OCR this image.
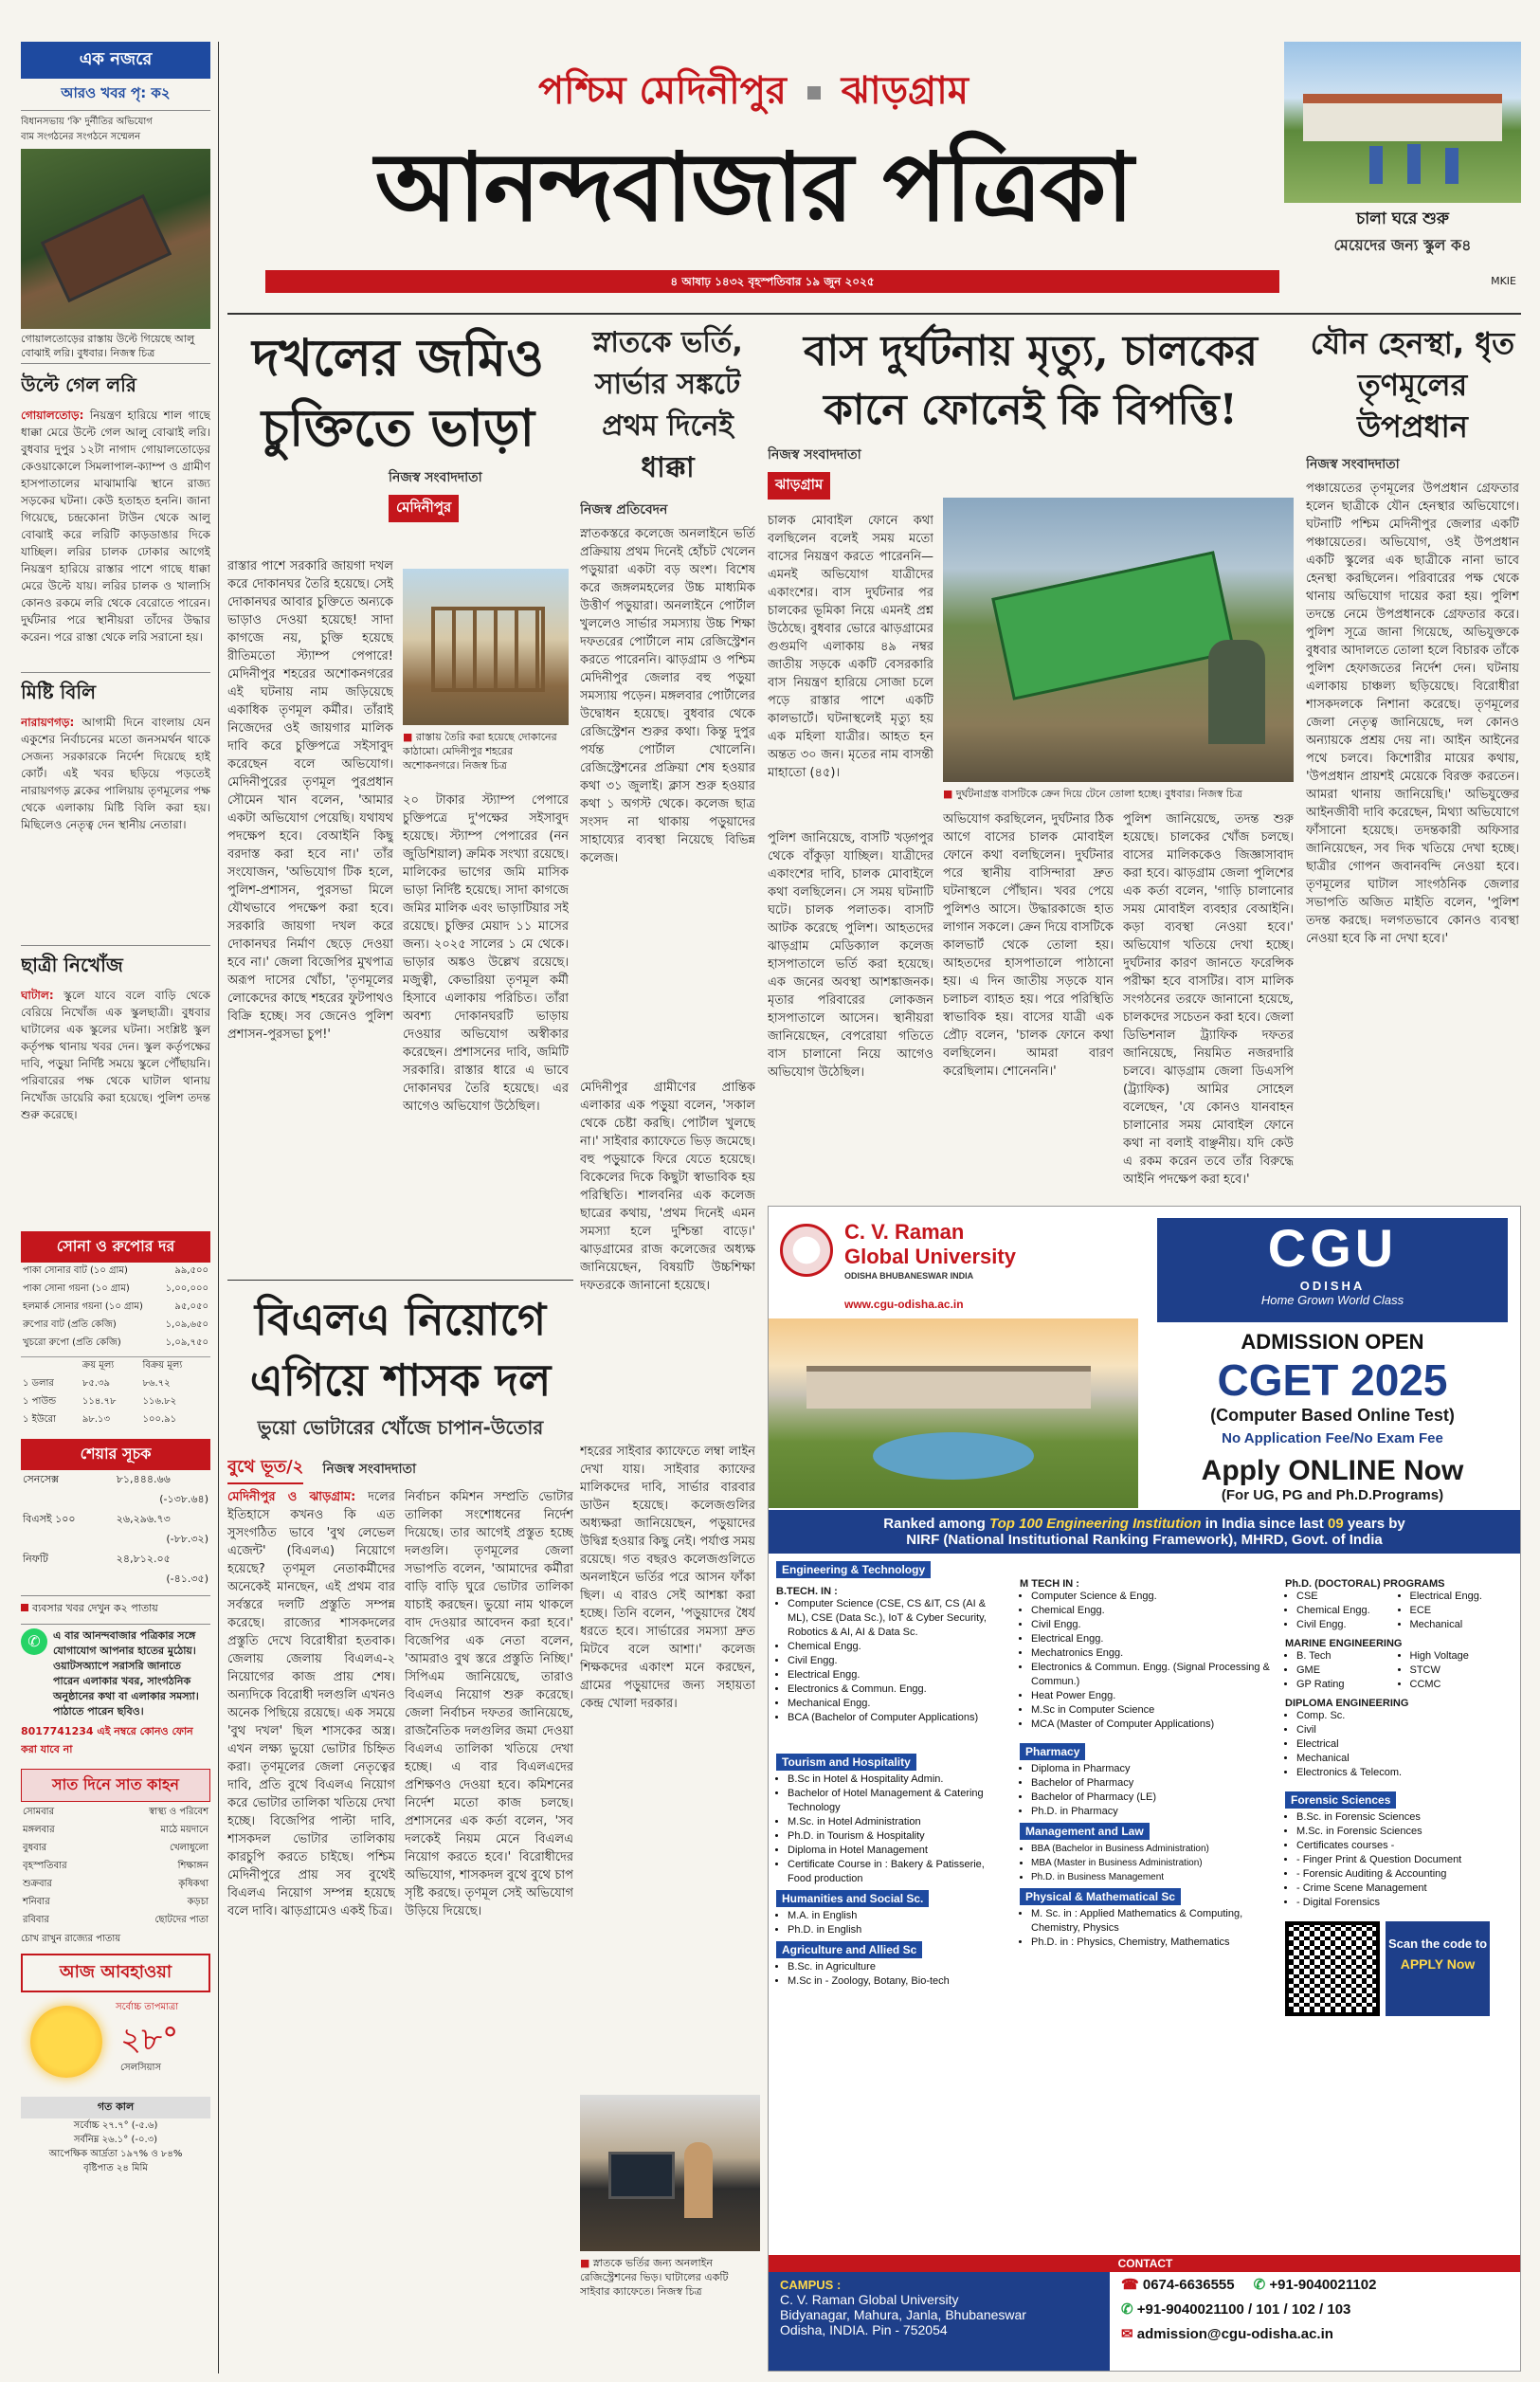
এক নজরে
আরও খবর পৃ: ক২
বিধানসভায় 'কি' দুর্নীতির অভিযোগ
বাম সংগঠনের সংগঠনে সম্মেলন
গোয়ালতোড়ের রাস্তায় উল্টে গিয়েছে আলু বোঝাই লরি। বুধবার। নিজস্ব চিত্র
উল্টে গেল লরি

গোয়ালতোড়: নিয়ন্ত্রণ হারিয়ে শাল গাছে ধাক্কা মেরে উল্টে গেল আলু বোঝাই লরি। বুধবার দুপুর ১২টা নাগাদ গোয়ালতোড়ের কেওয়াকোলে সিমলাপাল-ক্যাম্প ও গ্রামীণ হাসপাতালের মাঝামাঝি স্থানে রাজ্য সড়কের ঘটনা। কেউ হতাহত হননি। জানা গিয়েছে, চন্দ্রকোনা টাউন থেকে আলু বোঝাই করে লরিটি কাড়ডাঙার দিকে যাচ্ছিল। লরির চালক ঢোকার আগেই নিয়ন্ত্রণ হারিয়ে রাস্তার পাশে গাছে ধাক্কা মেরে উল্টে যায়। লরির চালক ও খালাসি কোনও রকমে লরি থেকে বেরোতে পারেন। দুর্ঘটনার পরে স্থানীয়রা তাঁদের উদ্ধার করেন। পরে রাস্তা থেকে লরি সরানো হয়।

মিষ্টি বিলি

নারায়ণগড়: আগামী দিনে বাংলায় যেন একুশের নির্বাচনের মতো জনসমর্থন থাকে সেজন্য সরকারকে নির্দেশ দিয়েছে হাই কোর্ট। এই খবর ছড়িয়ে পড়তেই নারায়ণগড় ব্লকের পালিয়ায় তৃণমূলের পক্ষ থেকে এলাকায় মিষ্টি বিলি করা হয়। মিছিলেও নেতৃত্ব দেন স্থানীয় নেতারা।

ছাত্রী নিখোঁজ

ঘাটাল: স্কুলে যাবে বলে বাড়ি থেকে বেরিয়ে নিখোঁজ এক স্কুলছাত্রী। বুধবার ঘাটালের এক স্কুলের ঘটনা। সংশ্লিষ্ট স্কুল কর্তৃপক্ষ থানায় খবর দেন। স্কুল কর্তৃপক্ষের দাবি, পড়ুয়া নির্দিষ্ট সময়ে স্কুলে পৌঁছায়নি। পরিবারের পক্ষ থেকে ঘাটাল থানায় নিখোঁজ ডায়েরি করা হয়েছে। পুলিশ তদন্ত শুরু করেছে।

সোনা ও রুপোর দর
পাকা সোনার বাট (১০ গ্রাম)	৯৯,৫০০
পাকা সোনা গয়না (১০ গ্রাম)	১,০০,০০০
হলমার্ক সোনার গয়না (১০ গ্রাম)	৯৫,০৫০
রুপোর বাট (প্রতি কেজি)	১,০৯,৬৫০
খুচরো রুপো (প্রতি কেজি)	১,০৯,৭৫০
	ক্রয় মূল্য	বিক্রয় মূল্য
১ ডলার	৮৫.৩৯	৮৬.৭২
১ পাউন্ড	১১৪.৭৮	১১৬.৮২
১ ইউরো	৯৮.১৩	১০০.৯১
শেয়ার সূচক
সেনসেক্স	৮১,৪৪৪.৬৬
	(-১৩৮.৬৪)
বিএসই ১০০	২৬,২৯৬.৭৩
	(-৮৮.৩২)
নিফটি	২৪,৮১২.০৫
	(-৪১.৩৫)
ব্যবসার খবর দেখুন ক২ পাতায়
✆	এ বার আনন্দবাজার পত্রিকার সঙ্গে যোগাযোগ আপনার হাতের মুঠোয়। ওয়াটসঅ্যাপে সরাসরি জানাতে পারেন এলাকার খবর, সাংগঠনিক অনুষ্ঠানের কথা বা এলাকার সমস্যা। পাঠাতে পারেন ছবিও।
8017741234 এই নম্বরে কোনও ফোন করা যাবে না
সাত দিনে সাত কাহন
সোমবার	স্বাস্থ্য ও পরিবেশ
মঙ্গলবার	মাঠে ময়দানে
বুধবার	খেলাধুলো
বৃহস্পতিবার	শিক্ষাঙ্গন
শুক্রবার	কৃষিকথা
শনিবার	কড়চা
রবিবার	ছোটদের পাতা
চোখ রাখুন রাজ্যের পাতায়
আজ আবহাওয়া
সর্বোচ্চ তাপমাত্রা
২৮°
সেলসিয়াস
গত কাল
সর্বোচ্চ ২৭.৭° (-৫.৬)
সর্বনিম্ন ২৬.১° (-০.৩)
আপেক্ষিক আর্দ্রতা ১৯৭% ও ৮৪%
বৃষ্টিপাত ২৪ মিমি
পশ্চিম মেদিনীপুর ঝাড়গ্রাম
আনন্দবাজার পত্রিকা
৪ আষাঢ় ১৪৩২ বৃহস্পতিবার ১৯ জুন ২০২৫	MKIE
চালা ঘরে শুরু
মেয়েদের জন্য স্কুল ক৪
দখলের জমিও চুক্তিতে ভাড়া
নিজস্ব সংবাদদাতা
মেদিনীপুর

রাস্তার পাশে সরকারি জায়গা দখল করে দোকানঘর তৈরি হয়েছে। সেই দোকানঘর আবার চুক্তিতে অন্যকে ভাড়াও দেওয়া হয়েছে! সাদা কাগজে নয়, চুক্তি হয়েছে রীতিমতো স্ট্যাম্প পেপারে! মেদিনীপুর শহরের অশোকনগরের এই ঘটনায় নাম জড়িয়েছে একাধিক তৃণমূল কর্মীর। তাঁরাই নিজেদের ওই জায়গার মালিক দাবি করে চুক্তিপত্রে সইসাবুদ করেছেন বলে অভিযোগ। মেদিনীপুরের তৃণমূল পুরপ্রধান সৌমেন খান বলেন, 'আমার একটা অভিযোগ পেয়েছি। যথাযথ পদক্ষেপ হবে। বেআইনি কিছু বরদাস্ত করা হবে না।' তাঁর সংযোজন, 'অভিযোগ টিক হলে, পুলিশ-প্রশাসন, পুরসভা মিলে যৌথভাবে পদক্ষেপ করা হবে। সরকারি জায়গা দখল করে দোকানঘর নির্মাণ ছেড়ে দেওয়া হবে না।' জেলা বিজেপির মুখপাত্র অরূপ দাসের খোঁচা, 'তৃণমূলের লোকেদের কাছে শহরের ফুটপাথও বিক্রি হচ্ছে। সব জেনেও পুলিশ প্রশাসন-পুরসভা চুপ!'

■ রাস্তায় তৈরি করা হয়েছে দোকানের কাঠামো। মেদিনীপুর শহরের অশোকনগরে। নিজস্ব চিত্র

২০ টাকার স্ট্যাম্প পেপারে চুক্তিপত্রে দু'পক্ষের সইসাবুদ হয়েছে। স্ট্যাম্প পেপারের (নন জুডিশিয়াল) ক্রমিক সংখ্যা রয়েছে। মালিকের ভাগের জমি মাসিক ভাড়া নির্দিষ্ট হয়েছে। সাদা কাগজে জমির মালিক এবং ভাড়াটিয়ার সই রয়েছে। চুক্তির মেয়াদ ১১ মাসের জন্য। ২০২৫ সালের ১ মে থেকে। ভাড়ার অঙ্কও উল্লেখ রয়েছে। মজুত্বী, কেভারিয়া তৃণমূল কর্মী হিসাবে এলাকায় পরিচিত। তাঁরা অবশ্য দোকানঘরটি ভাড়ায় দেওয়ার অভিযোগ অস্বীকার করেছেন। প্রশাসনের দাবি, জমিটি সরকারি। রাস্তার ধারে এ ভাবে দোকানঘর তৈরি হয়েছে। এর আগেও অভিযোগ উঠেছিল।

স্নাতকে ভর্তি, সার্ভার সঙ্কটে প্রথম দিনেই ধাক্কা
নিজস্ব প্রতিবেদন

স্নাতকস্তরে কলেজে অনলাইনে ভর্তি প্রক্রিয়ায় প্রথম দিনেই হোঁচট খেলেন পড়ুয়ারা একটা বড় অংশ। বিশেষ করে জঙ্গলমহলের উচ্চ মাধ্যমিক উত্তীর্ণ পড়ুয়ারা। অনলাইনে পোর্টাল খুললেও সার্ভার সমস্যায় উচ্চ শিক্ষা দফতরের পোর্টালে নাম রেজিস্ট্রেশন করতে পারেননি। ঝাড়গ্রাম ও পশ্চিম মেদিনীপুর জেলার বহু পড়ুয়া সমস্যায় পড়েন। মঙ্গলবার পোর্টালের উদ্বোধন হয়েছে। বুধবার থেকে রেজিস্ট্রেশন শুরুর কথা। কিন্তু দুপুর পর্যন্ত পোর্টাল খোলেনি। রেজিস্ট্রেশনের প্রক্রিয়া শেষ হওয়ার কথা ৩১ জুলাই। ক্লাস শুরু হওয়ার কথা ১ অগস্ট থেকে। কলেজ ছাত্র সংসদ না থাকায় পড়ুয়াদের সাহায্যের ব্যবস্থা নিয়েছে বিভিন্ন কলেজ।

মেদিনীপুর গ্রামীণের প্রান্তিক এলাকার এক পড়ুয়া বলেন, 'সকাল থেকে চেষ্টা করছি। পোর্টাল খুলছে না।' সাইবার ক্যাফেতে ভিড় জমেছে। বহু পড়ুয়াকে ফিরে যেতে হয়েছে। বিকেলের দিকে কিছুটা স্বাভাবিক হয় পরিস্থিতি। শালবনির এক কলেজ ছাত্রের কথায়, 'প্রথম দিনেই এমন সমস্যা হলে দুশ্চিন্তা বাড়ে।' ঝাড়গ্রামের রাজ কলেজের অধ্যক্ষ জানিয়েছেন, বিষয়টি উচ্চশিক্ষা দফতরকে জানানো হয়েছে।

শহরের সাইবার ক্যাফেতে লম্বা লাইন দেখা যায়। সাইবার ক্যাফের মালিকদের দাবি, সার্ভার বারবার ডাউন হয়েছে। কলেজগুলির অধ্যক্ষরা জানিয়েছেন, পড়ুয়াদের উদ্বিগ্ন হওয়ার কিছু নেই। পর্যাপ্ত সময় রয়েছে। গত বছরও কলেজগুলিতে অনলাইনে ভর্তির পরে আসন ফাঁকা ছিল। এ বারও সেই আশঙ্কা করা হচ্ছে। তিনি বলেন, 'পড়ুয়াদের ধৈর্য ধরতে হবে। সার্ভারের সমস্যা দ্রুত মিটবে বলে আশা।' কলেজ শিক্ষকদের একাংশ মনে করছেন, গ্রামের পড়ুয়াদের জন্য সহায়তা কেন্দ্র খোলা দরকার।

বাস দুর্ঘটনায় মৃত্যু, চালকের কানে ফোনেই কি বিপত্তি!
নিজস্ব সংবাদদাতা
ঝাড়গ্রাম

চালক মোবাইল ফোনে কথা বলছিলেন বলেই সময় মতো বাসের নিয়ন্ত্রণ করতে পারেননি—এমনই অভিযোগ যাত্রীদের একাংশের। বাস দুর্ঘটনার পর চালকের ভূমিকা নিয়ে এমনই প্রশ্ন উঠেছে। বুধবার ভোরে ঝাড়গ্রামের গুগুমণি এলাকায় ৪৯ নম্বর জাতীয় সড়কে একটি বেসরকারি বাস নিয়ন্ত্রণ হারিয়ে সোজা চলে পড়ে রাস্তার পাশে একটি কালভার্টে। ঘটনাস্থলেই মৃত্যু হয় এক মহিলা যাত্রীর। আহত হন অন্তত ৩০ জন। মৃতের নাম বাসন্তী মাহাতো (৪৫)।

■ দুর্ঘটনাগ্রস্ত বাসটিকে ক্রেন দিয়ে টেনে তোলা হচ্ছে। বুধবার। নিজস্ব চিত্র

পুলিশ জানিয়েছে, বাসটি খড়্গপুর থেকে বাঁকুড়া যাচ্ছিল। যাত্রীদের একাংশের দাবি, চালক মোবাইলে কথা বলছিলেন। সে সময় ঘটনাটি ঘটে। চালক পলাতক। বাসটি আটক করেছে পুলিশ। আহতদের ঝাড়গ্রাম মেডিক্যাল কলেজ হাসপাতালে ভর্তি করা হয়েছে। এক জনের অবস্থা আশঙ্কাজনক। মৃতার পরিবারের লোকজন হাসপাতালে আসেন। স্থানীয়রা জানিয়েছেন, বেপরোয়া গতিতে বাস চালানো নিয়ে আগেও অভিযোগ উঠেছিল।

অভিযোগ করছিলেন, দুর্ঘটনার ঠিক আগে বাসের চালক মোবাইল ফোনে কথা বলছিলেন। দুর্ঘটনার পরে স্থানীয় বাসিন্দারা দ্রুত ঘটনাস্থলে পৌঁছান। খবর পেয়ে পুলিশও আসে। উদ্ধারকাজে হাত লাগান সকলে। ক্রেন দিয়ে বাসটিকে কালভার্ট থেকে তোলা হয়। আহতদের হাসপাতালে পাঠানো হয়। এ দিন জাতীয় সড়কে যান চলাচল ব্যাহত হয়। পরে পরিস্থিতি স্বাভাবিক হয়। বাসের যাত্রী এক প্রৌঢ় বলেন, 'চালক ফোনে কথা বলছিলেন। আমরা বারণ করেছিলাম। শোনেননি।'

পুলিশ জানিয়েছে, তদন্ত শুরু হয়েছে। চালকের খোঁজ চলছে। বাসের মালিককেও জিজ্ঞাসাবাদ করা হবে। ঝাড়গ্রাম জেলা পুলিশের এক কর্তা বলেন, 'গাড়ি চালানোর সময় মোবাইল ব্যবহার বেআইনি। কড়া ব্যবস্থা নেওয়া হবে।' অভিযোগ খতিয়ে দেখা হচ্ছে। দুর্ঘটনার কারণ জানতে ফরেন্সিক পরীক্ষা হবে বাসটির। বাস মালিক সংগঠনের তরফে জানানো হয়েছে, চালকদের সচেতন করা হবে। জেলা ডিভিশনাল ট্র্যাফিক দফতর জানিয়েছে, নিয়মিত নজরদারি চলবে। ঝাড়গ্রাম জেলা ডিএসপি (ট্র্যাফিক) আমির সোহেল বলেছেন, 'যে কোনও যানবাহন চালানোর সময় মোবাইল ফোনে কথা না বলাই বাঞ্ছনীয়। যদি কেউ এ রকম করেন তবে তাঁর বিরুদ্ধে আইনি পদক্ষেপ করা হবে।'

যৌন হেনস্থা, ধৃত তৃণমূলের উপপ্রধান
নিজস্ব সংবাদদাতা

পঞ্চায়েতের তৃণমূলের উপপ্রধান গ্রেফতার হলেন ছাত্রীকে যৌন হেনস্থার অভিযোগে। ঘটনাটি পশ্চিম মেদিনীপুর জেলার একটি পঞ্চায়েতের। অভিযোগ, ওই উপপ্রধান একটি স্কুলের এক ছাত্রীকে নানা ভাবে হেনস্থা করছিলেন। পরিবারের পক্ষ থেকে থানায় অভিযোগ দায়ের করা হয়। পুলিশ তদন্তে নেমে উপপ্রধানকে গ্রেফতার করে। পুলিশ সূত্রে জানা গিয়েছে, অভিযুক্তকে বুধবার আদালতে তোলা হলে বিচারক তাঁকে পুলিশ হেফাজতের নির্দেশ দেন। ঘটনায় এলাকায় চাঞ্চল্য ছড়িয়েছে। বিরোধীরা শাসকদলকে নিশানা করেছে। তৃণমূলের জেলা নেতৃত্ব জানিয়েছে, দল কোনও অন্যায়কে প্রশ্রয় দেয় না। আইন আইনের পথে চলবে। কিশোরীর মায়ের কথায়, 'উপপ্রধান প্রায়শই মেয়েকে বিরক্ত করতেন। আমরা থানায় জানিয়েছি।' অভিযুক্তের আইনজীবী দাবি করেছেন, মিথ্যা অভিযোগে ফাঁসানো হয়েছে। তদন্তকারী অফিসার জানিয়েছেন, সব দিক খতিয়ে দেখা হচ্ছে। ছাত্রীর গোপন জবানবন্দি নেওয়া হবে। তৃণমূলের ঘাটাল সাংগঠনিক জেলার সভাপতি অজিত মাইতি বলেন, 'পুলিশ তদন্ত করছে। দলগতভাবে কোনও ব্যবস্থা নেওয়া হবে কি না দেখা হবে।'

বিএলএ নিয়োগে এগিয়ে শাসক দল
ভুয়ো ভোটারের খোঁজে চাপান-উতোর
বুথে ভূত/২ নিজস্ব সংবাদদাতা

মেদিনীপুর ও ঝাড়গ্রাম: দলের ইতিহাসে কখনও কি এত সুসংগঠিত ভাবে 'বুথ লেভেল এজেন্ট' (বিএলএ) নিয়োগে হয়েছে? তৃণমূল নেতাকর্মীদের অনেকেই মানছেন, এই প্রথম বার সর্বস্তরে দলটি প্রস্তুতি সম্পন্ন করেছে। রাজ্যের শাসকদলের প্রস্তুতি দেখে বিরোধীরা হতবাক। জেলায় জেলায় বিএলএ-২ নিয়োগের কাজ প্রায় শেষ। অন্যদিকে বিরোধী দলগুলি এখনও অনেক পিছিয়ে রয়েছে। এক সময়ে 'বুথ দখল' ছিল শাসকের অস্ত্র। এখন লক্ষ্য ভুয়ো ভোটার চিহ্নিত করা। তৃণমূলের জেলা নেতৃত্বের দাবি, প্রতি বুথে বিএলএ নিয়োগ করে ভোটার তালিকা খতিয়ে দেখা হচ্ছে। বিজেপির পাল্টা দাবি, শাসকদল ভোটার তালিকায় কারচুপি করতে চাইছে। পশ্চিম মেদিনীপুরে প্রায় সব বুথেই বিএলএ নিয়োগ সম্পন্ন হয়েছে বলে দাবি। ঝাড়গ্রামেও একই চিত্র।

নির্বাচন কমিশন সম্প্রতি ভোটার তালিকা সংশোধনের নির্দেশ দিয়েছে। তার আগেই প্রস্তুত হচ্ছে দলগুলি। তৃণমূলের জেলা সভাপতি বলেন, 'আমাদের কর্মীরা বাড়ি বাড়ি ঘুরে ভোটার তালিকা যাচাই করছেন। ভুয়ো নাম থাকলে বাদ দেওয়ার আবেদন করা হবে।' বিজেপির এক নেতা বলেন, 'আমরাও বুথ স্তরে প্রস্তুতি নিচ্ছি।' সিপিএম জানিয়েছে, তারাও বিএলএ নিয়োগ শুরু করেছে। জেলা নির্বাচন দফতর জানিয়েছে, রাজনৈতিক দলগুলির জমা দেওয়া বিএলএ তালিকা খতিয়ে দেখা হচ্ছে। এ বার বিএলএদের প্রশিক্ষণও দেওয়া হবে। কমিশনের নির্দেশ মতো কাজ চলছে। প্রশাসনের এক কর্তা বলেন, 'সব দলকেই নিয়ম মেনে বিএলএ নিয়োগ করতে হবে।' বিরোধীদের অভিযোগ, শাসকদল বুথে বুথে চাপ সৃষ্টি করছে। তৃণমূল সেই অভিযোগ উড়িয়ে দিয়েছে।

■ স্নাতকে ভর্তির জন্য অনলাইন রেজিস্ট্রেশনের ভিড়। ঘাটালের একটি সাইবার ক্যাফেতে। নিজস্ব চিত্র
C. V. Raman
Global University
ODISHA BHUBANESWAR INDIA
www.cgu-odisha.ac.in
CGU
ODISHA
Home Grown World Class
ADMISSION OPEN
CGET 2025
(Computer Based Online Test)
No Application Fee/No Exam Fee
Apply ONLINE Now
(For UG, PG and Ph.D.Programs)
Ranked among Top 100 Engineering Institution in India since last 09 years by
NIRF (National Institutional Ranking Framework), MHRD, Govt. of India
Engineering & Technology
B.TECH. IN :
• Computer Science (CSE, CS &IT, CS (AI & ML), CSE (Data Sc.), IoT & Cyber Security, Robotics & AI, AI & Data Sc.
• Chemical Engg.
• Civil Engg.
• Electrical Engg.
• Electronics & Commun. Engg.
• Mechanical Engg.
• BCA (Bachelor of Computer Applications)
Tourism and Hospitality
• B.Sc in Hotel & Hospitality Admin.
• Bachelor of Hotel Management & Catering Technology
• M.Sc. in Hotel Administration
• Ph.D. in Tourism & Hospitality
• Diploma in Hotel Management
• Certificate Course in : Bakery & Patisserie, Food production
Humanities and Social Sc.
• M.A. in English
• Ph.D. in English
Agriculture and Allied Sc
• B.Sc. in Agriculture
• M.Sc in - Zoology, Botany, Bio-tech
M TECH IN :
• Computer Science & Engg.
• Chemical Engg.
• Civil Engg.
• Electrical Engg.
• Mechatronics Engg.
• Electronics & Commun. Engg. (Signal Processing & Commun.)
• Heat Power Engg.
• M.Sc in Computer Science
• MCA (Master of Computer Applications)
Pharmacy
• Diploma in Pharmacy
• Bachelor of Pharmacy
• Bachelor of Pharmacy (LE)
• Ph.D. in Pharmacy
Management and Law
• BBA (Bachelor in Business Administration)
• MBA (Master in Business Administration)
• Ph.D. in Business Management
Physical & Mathematical Sc
• M. Sc. in : Applied Mathematics & Computing, Chemistry, Physics
• Ph.D. in : Physics, Chemistry, Mathematics
Ph.D. (DOCTORAL) PROGRAMS
• CSE
• Chemical Engg.
• Civil Engg.
• Electrical Engg.
• ECE
• Mechanical
MARINE ENGINEERING
• B. Tech
• GME
• GP Rating
• High Voltage
• STCW
• CCMC
DIPLOMA ENGINEERING
• Comp. Sc.
• Civil
• Electrical
• Mechanical
• Electronics & Telecom.
Forensic Sciences
• B.Sc. in Forensic Sciences
• M.Sc. in Forensic Sciences
• Certificates courses -
• - Finger Print & Question Document
• - Forensic Auditing & Accounting
• - Crime Scene Management
• - Digital Forensics
Scan the code to
APPLY Now
CONTACT
CAMPUS :
C. V. Raman Global University
Bidyanagar, Mahura, Janla, Bhubaneswar
Odisha, INDIA. Pin - 752054
☎ 0674-6636555 ✆ +91-9040021102
✆ +91-9040021100 / 101 / 102 / 103
✉ admission@cgu-odisha.ac.in
